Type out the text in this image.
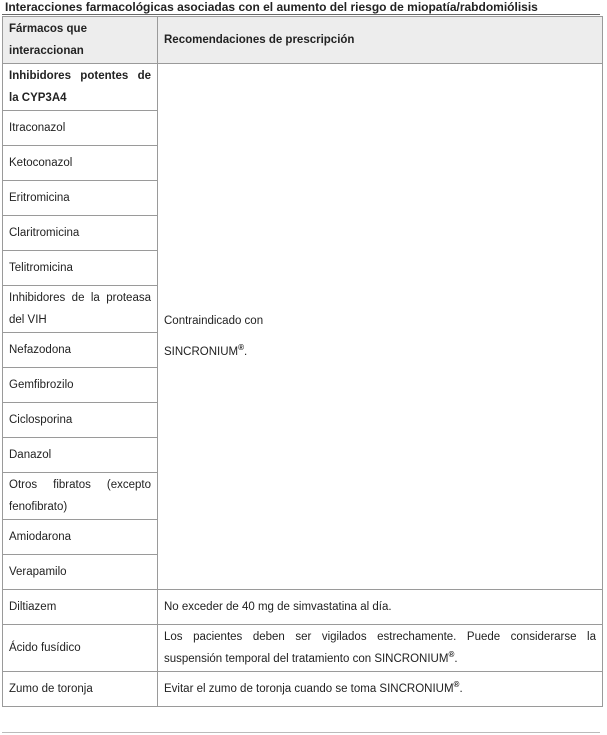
Interacciones farmacológicas asociadas con el aumento del riesgo de miopatía/rabdomiólisis
Fármacos que interaccionan	Recomendaciones de prescripción
Inhibidores potentes de la CYP3A4	Contraindicado con
SINCRONIUM®.

Itraconazol	
Ketoconazol	
Eritromicina	
Claritromicina	
Telitromicina	
Inhibidores de la proteasa del VIH	
Nefazodona	
Gemfibrozilo	
Ciclosporina	
Danazol	
Otros fibratos (excepto fenofibrato)	
Amiodarona	
Verapamilo	
Diltiazem	No exceder de 40 mg de simvastatina al día.
Ácido fusídico	Los pacientes deben ser vigilados estrechamente. Puede considerarse la suspensión temporal del tratamiento con SINCRONIUM®.
Zumo de toronja	Evitar el zumo de toronja cuando se toma SINCRONIUM®.
